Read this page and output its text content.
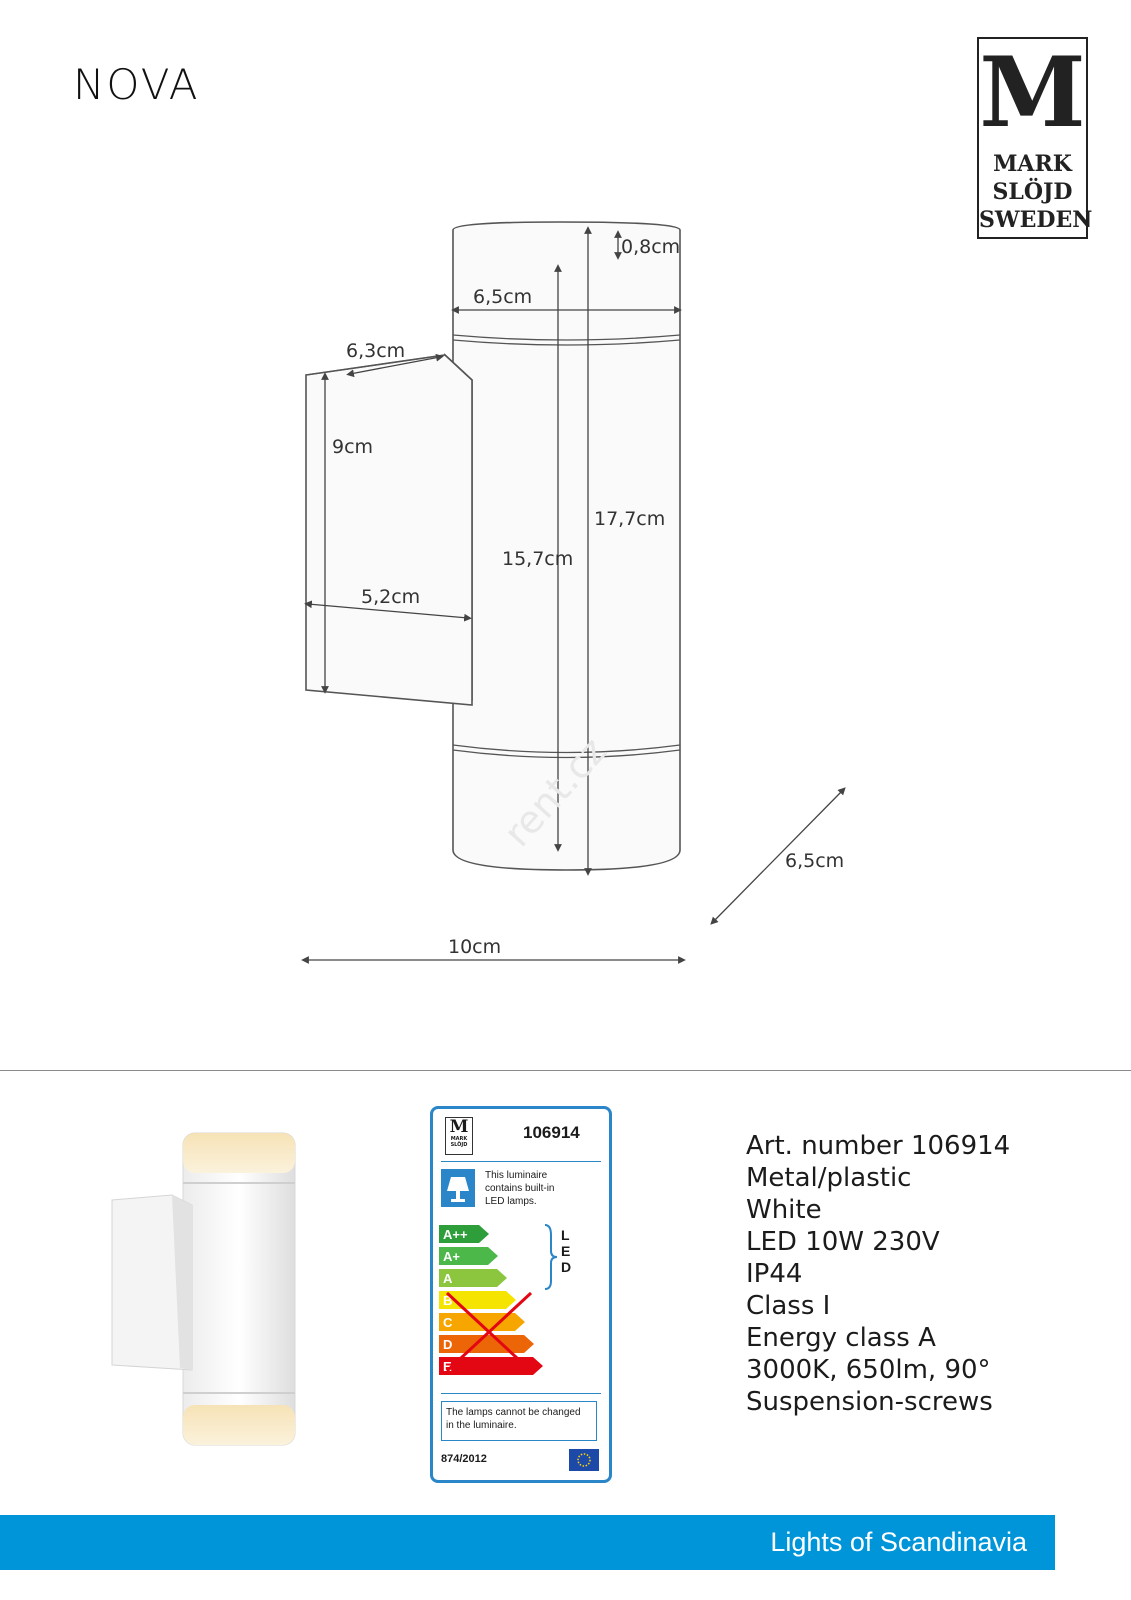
NOVA	M
MARK
SLÖJD
SWEDEN
0,8cm
6,5cm
6,3cm
9cm
17,7cm
15,7cm
5,2cm
6,5cm
10cm
rent.cz
M
MARK
SLÖJD
106914
This luminaire
contains built-in
LED lamps.
A++
A+
A
B
C
D
E
L
E
D
The lamps cannot be changed
in the luminaire.
874/2012
Art. number 106914
Metal/plastic
White
LED 10W 230V
IP44
Class I
Energy class A
3000K, 650lm, 90°
Suspension-screws
Lights of Scandinavia
